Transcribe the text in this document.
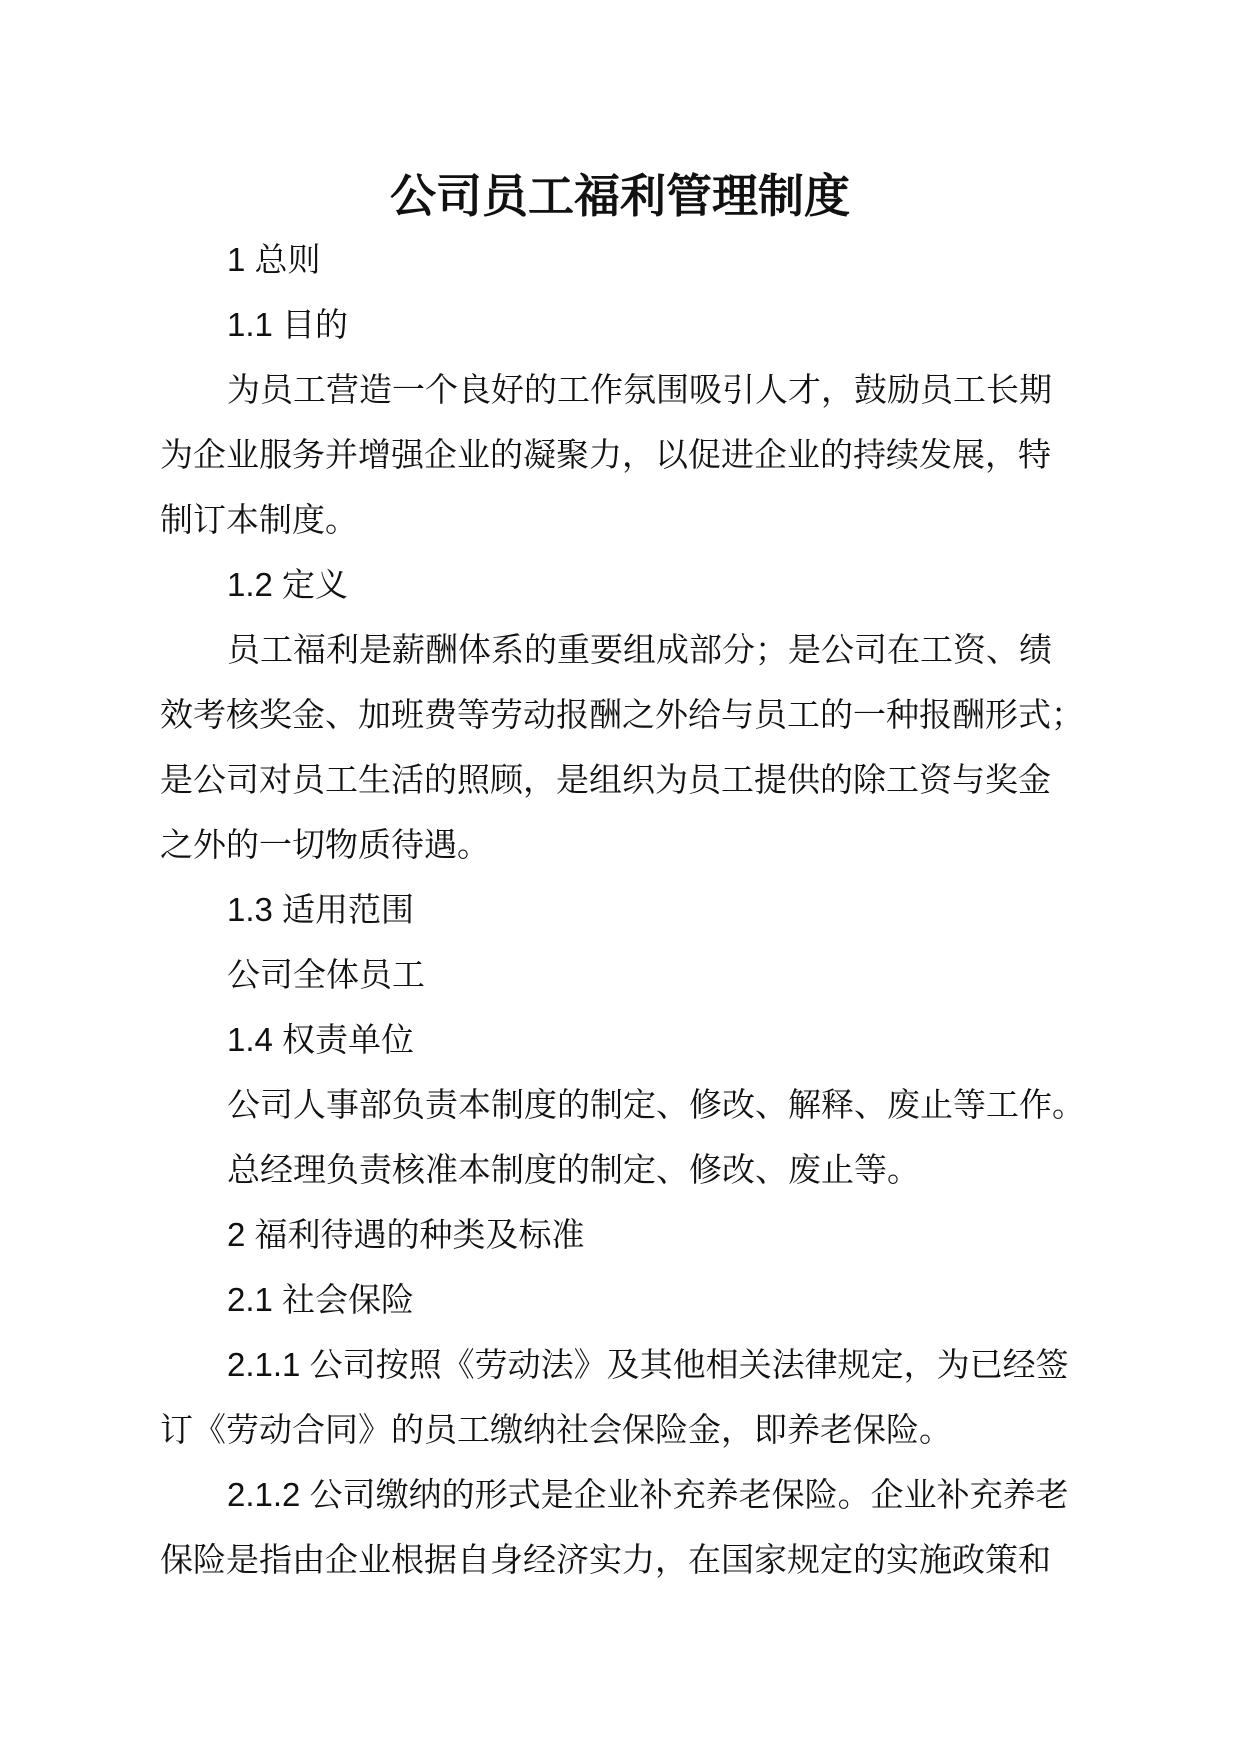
公司员工福利管理制度
1 总则
1.1 目的
为员工营造一个良好的工作氛围吸引人才，鼓励员工长期
为企业服务并增强企业的凝聚力，以促进企业的持续发展，特
制订本制度。
1.2 定义
员工福利是薪酬体系的重要组成部分；是公司在工资、绩
效考核奖金、加班费等劳动报酬之外给与员工的一种报酬形式；
是公司对员工生活的照顾，是组织为员工提供的除工资与奖金
之外的一切物质待遇。
1.3 适用范围
公司全体员工
1.4 权责单位
公司人事部负责本制度的制定、修改、解释、废止等工作。
总经理负责核准本制度的制定、修改、废止等。
2 福利待遇的种类及标准
2.1 社会保险
2.1.1 公司按照《劳动法》及其他相关法律规定，为已经签
订《劳动合同》的员工缴纳社会保险金，即养老保险。
2.1.2 公司缴纳的形式是企业补充养老保险。企业补充养老
保险是指由企业根据自身经济实力，在国家规定的实施政策和
